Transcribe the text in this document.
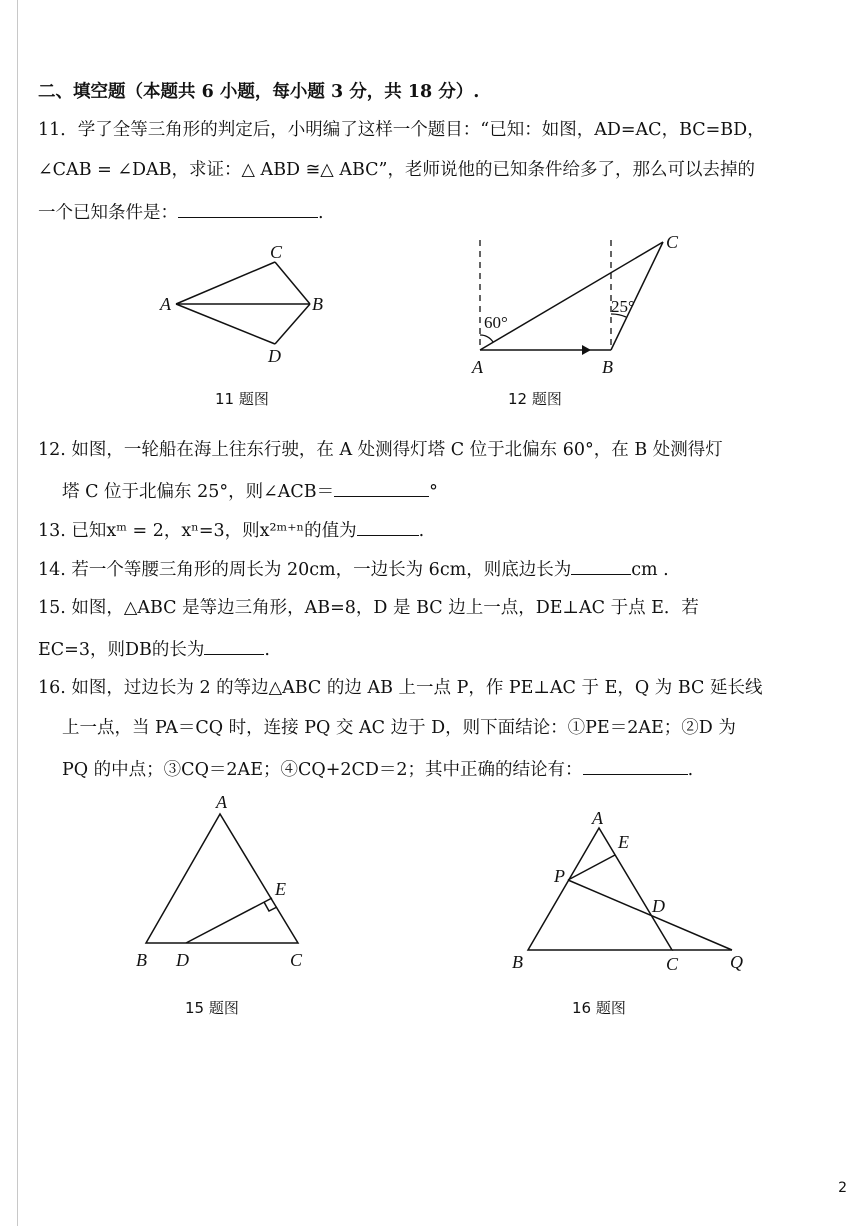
二、填空题（本题共 6 小题，每小题 3 分，共 18 分）.
11．学了全等三角形的判定后，小明编了这样一个题目：“已知：如图，AD=AC，BC=BD，
∠CAB = ∠DAB，求证：△ ABD ≅△ ABC”，老师说他的已知条件给多了，那么可以去掉的
一个已知条件是：	.
A	B
C
D
11 题图
A	B
C
60°
25°
12 题图
12. 如图，一轮船在海上往东行驶，在 A 处测得灯塔 C 位于北偏东 60°，在 B 处测得灯
塔 C 位于北偏东 25°，则∠ACB＝	°
13. 已知xᵐ = 2，xⁿ=3，则x²ᵐ⁺ⁿ的值为	.
14. 若一个等腰三角形的周长为 20cm，一边长为 6cm，则底边长为	cm .
15. 如图，△ABC 是等边三角形，AB=8，D 是 BC 边上一点，DE⊥AC 于点 E．若
EC=3，则DB的长为	.
16. 如图，过边长为 2 的等边△ABC 的边 AB 上一点 P，作 PE⊥AC 于 E，Q 为 BC 延长线
上一点，当 PA＝CQ 时，连接 PQ 交 AC 边于 D，则下面结论：①PE＝2AE；②D 为
PQ 的中点；③CQ＝2AE；④CQ+2CD＝2；其中正确的结论有：	.
A
B	C
D
E
15 题图
A
B	C
D
E
P
Q
16 题图
2
